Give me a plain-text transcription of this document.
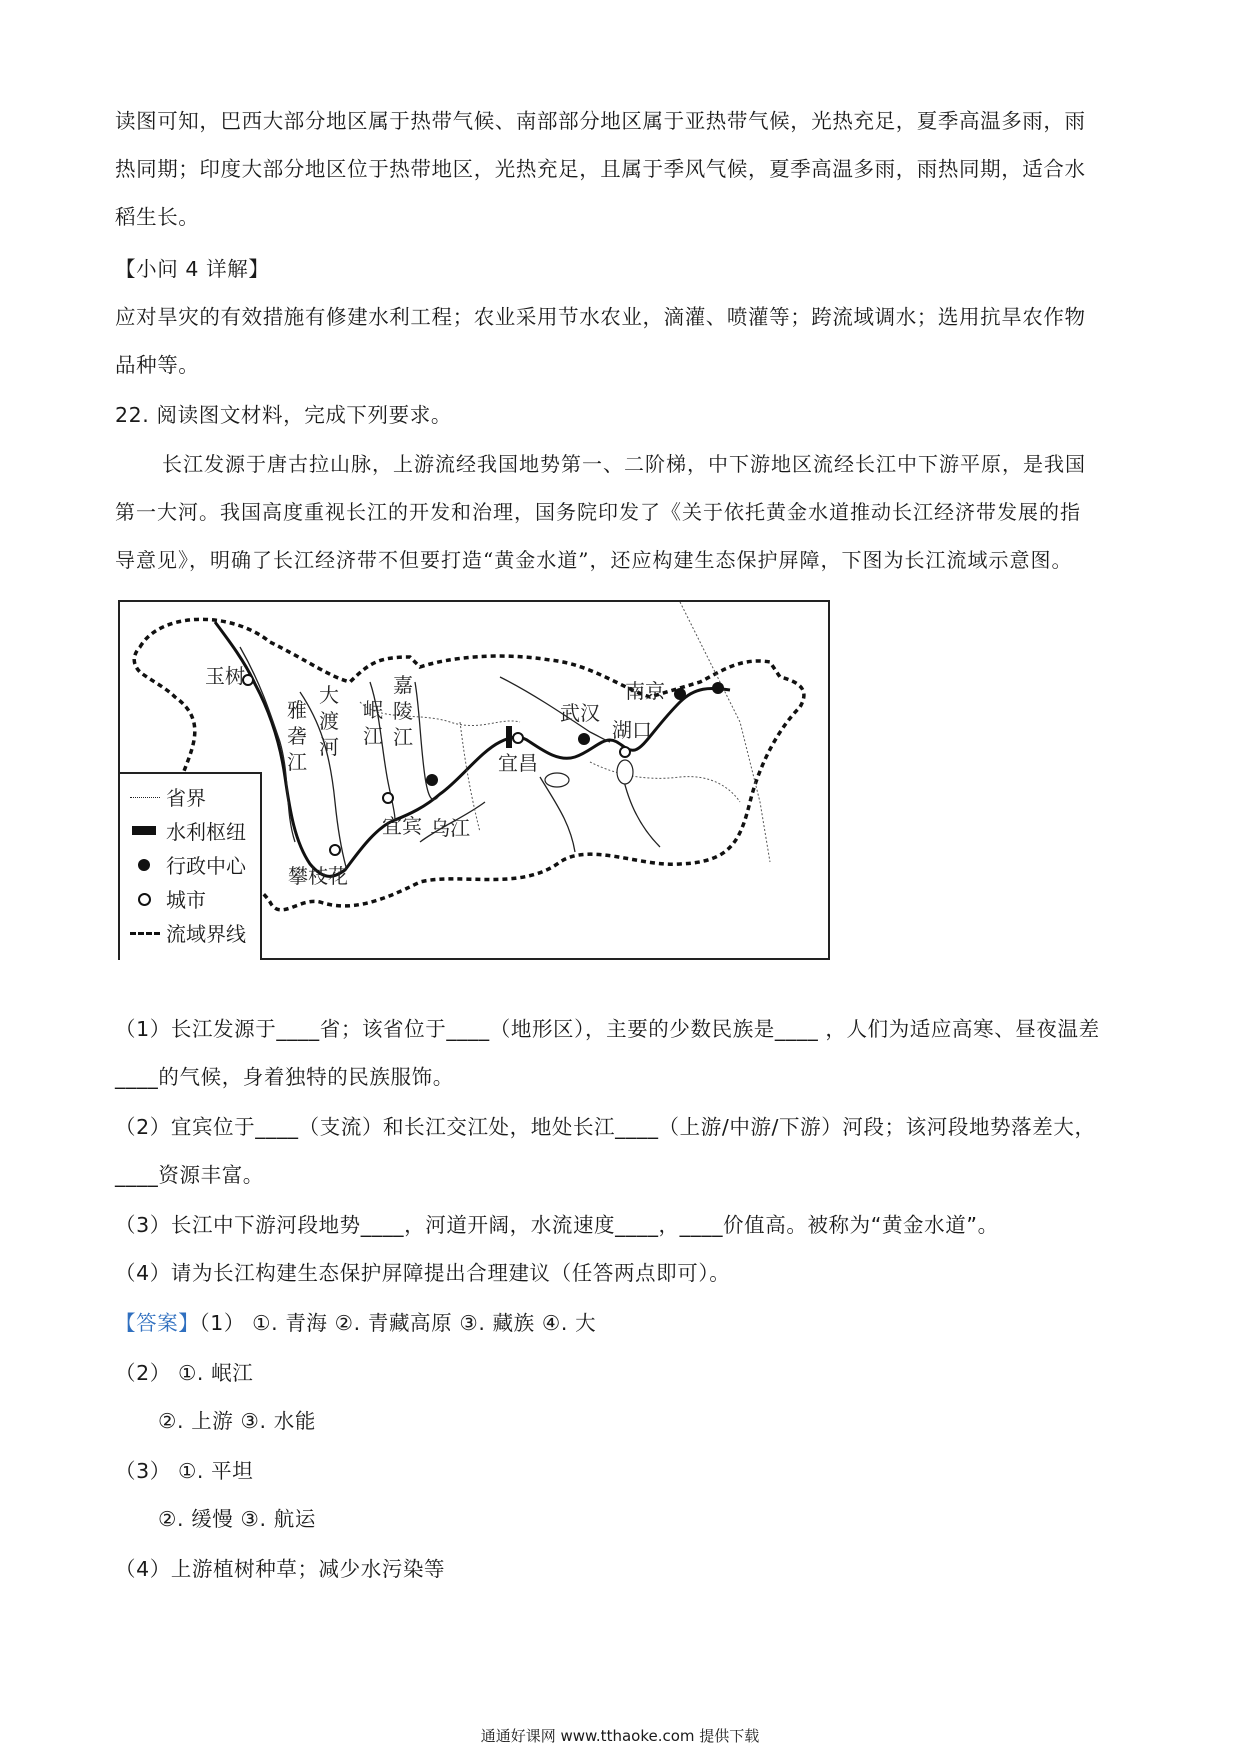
读图可知，巴西大部分地区属于热带气候、南部部分地区属于亚热带气候，光热充足，夏季高温多雨，雨
热同期；印度大部分地区位于热带地区，光热充足，且属于季风气候，夏季高温多雨，雨热同期，适合水
稻生长。
【小问 4 详解】
应对旱灾的有效措施有修建水利工程；农业采用节水农业，滴灌、喷灌等；跨流域调水；选用抗旱农作物
品种等。
22. 阅读图文材料，完成下列要求。
长江发源于唐古拉山脉，上游流经我国地势第一、二阶梯，中下游地区流经长江中下游平原，是我国
第一大河。我国高度重视长江的开发和治理，国务院印发了《关于依托黄金水道推动长江经济带发展的指
导意见》，明确了长江经济带不但要打造“黄金水道”，还应构建生态保护屏障，下图为长江流域示意图。
玉树
宜宾
宜昌
武汉
湖口
南京
攀枝花
雅砻江
大渡河
岷江
嘉陵江
乌江
省界
水利枢纽
行政中心
城市
流域界线
（1）长江发源于____省；该省位于____（地形区），主要的少数民族是____ ，人们为适应高寒、昼夜温差
____的气候，身着独特的民族服饰。
（2）宜宾位于____（支流）和长江交江处，地处长江____（上游/中游/下游）河段；该河段地势落差大，
____资源丰富。
（3）长江中下游河段地势____，河道开阔，水流速度____，____价值高。被称为“黄金水道”。
（4）请为长江构建生态保护屏障提出合理建议（任答两点即可）。
【答案】（1） ①. 青海 ②. 青藏高原 ③. 藏族 ④. 大
（2） ①. 岷江
②. 上游 ③. 水能
（3） ①. 平坦
②. 缓慢 ③. 航运
（4）上游植树种草；减少水污染等
通通好课网 www.tthaoke.com 提供下载
